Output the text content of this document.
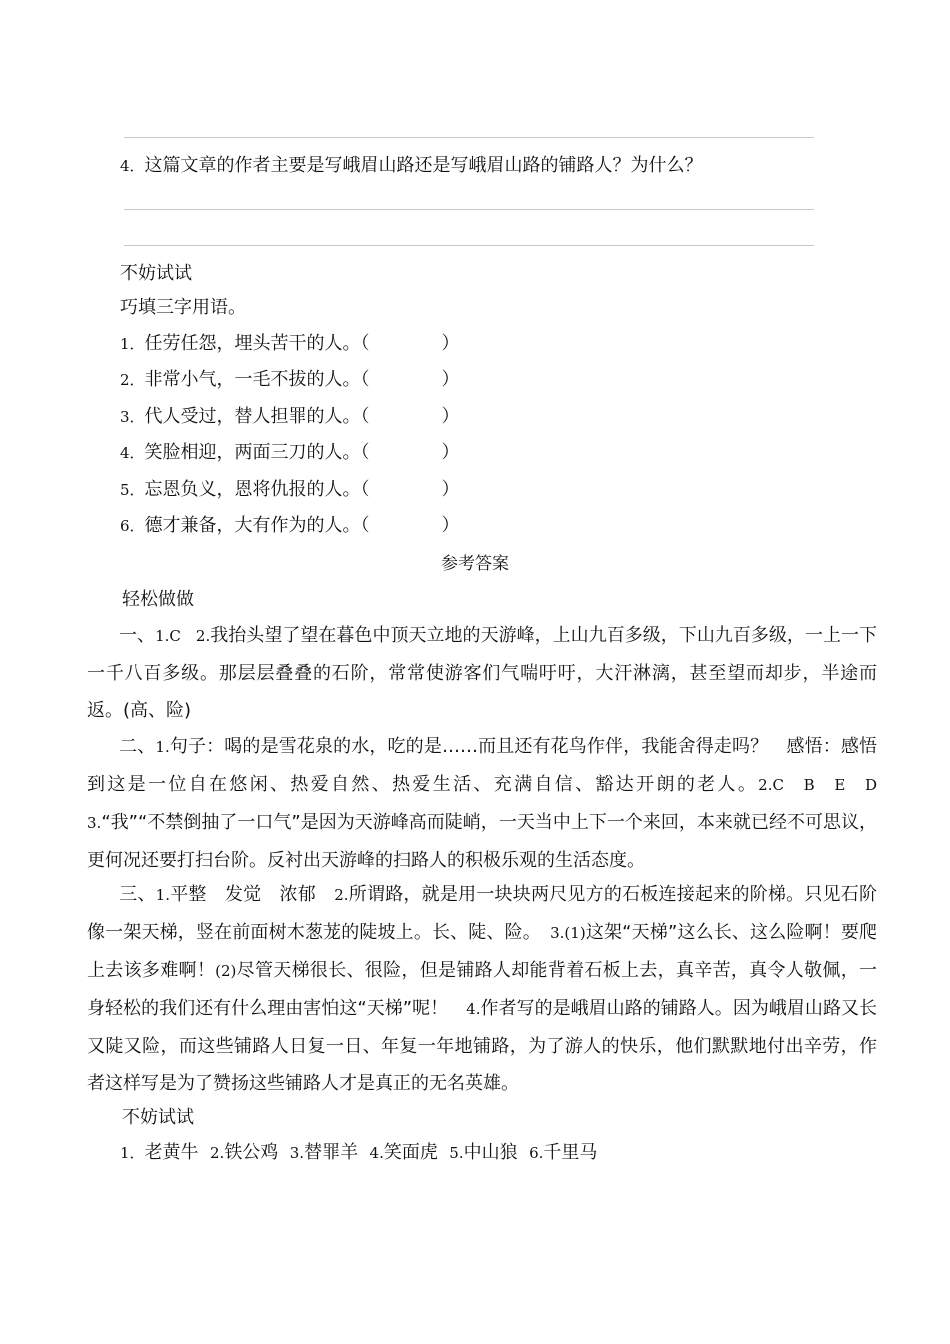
4．这篇文章的作者主要是写峨眉山路还是写峨眉山路的铺路人？为什么？
不妨试试
巧填三字用语。
1．任劳任怨，埋头苦干的人。（	）
2．非常小气，一毛不拔的人。（	）
3．代人受过，替人担罪的人。（	）
4．笑脸相迎，两面三刀的人。（	）
5．忘恩负义，恩将仇报的人。（	）
6．德才兼备，大有作为的人。（	）
参考答案
轻松做做
一、1.C　2.我抬头望了望在暮色中顶天立地的天游峰，上山九百多级，下山九百多级，一上一下一千八百多级。那层层叠叠的石阶，常常使游客们气喘吁吁，大汗淋漓，甚至望而却步，半途而返。(高、险)
二、1.句子：喝的是雪花泉的水，吃的是……而且还有花鸟作伴，我能舍得走吗？　感悟：感悟到这是一位自在悠闲、热爱自然、热爱生活、充满自信、豁达开朗的老人。2.C　B　E　D　3.“我”“不禁倒抽了一口气”是因为天游峰高而陡峭，一天当中上下一个来回，本来就已经不可思议，更何况还要打扫台阶。反衬出天游峰的扫路人的积极乐观的生活态度。
三、1.平整　发觉　浓郁　2.所谓路，就是用一块块两尺见方的石板连接起来的阶梯。只见石阶像一架天梯，竖在前面树木葱茏的陡坡上。长、陡、险。　3.(1)这架“天梯”这么长、这么险啊！要爬上去该多难啊！(2)尽管天梯很长、很险，但是铺路人却能背着石板上去，真辛苦，真令人敬佩，一身轻松的我们还有什么理由害怕这“天梯”呢！　4.作者写的是峨眉山路的铺路人。因为峨眉山路又长又陡又险，而这些铺路人日复一日、年复一年地铺路，为了游人的快乐，他们默默地付出辛劳，作者这样写是为了赞扬这些铺路人才是真正的无名英雄。
不妨试试
1．老黄牛 2.铁公鸡 3.替罪羊 4.笑面虎 5.中山狼 6.千里马
